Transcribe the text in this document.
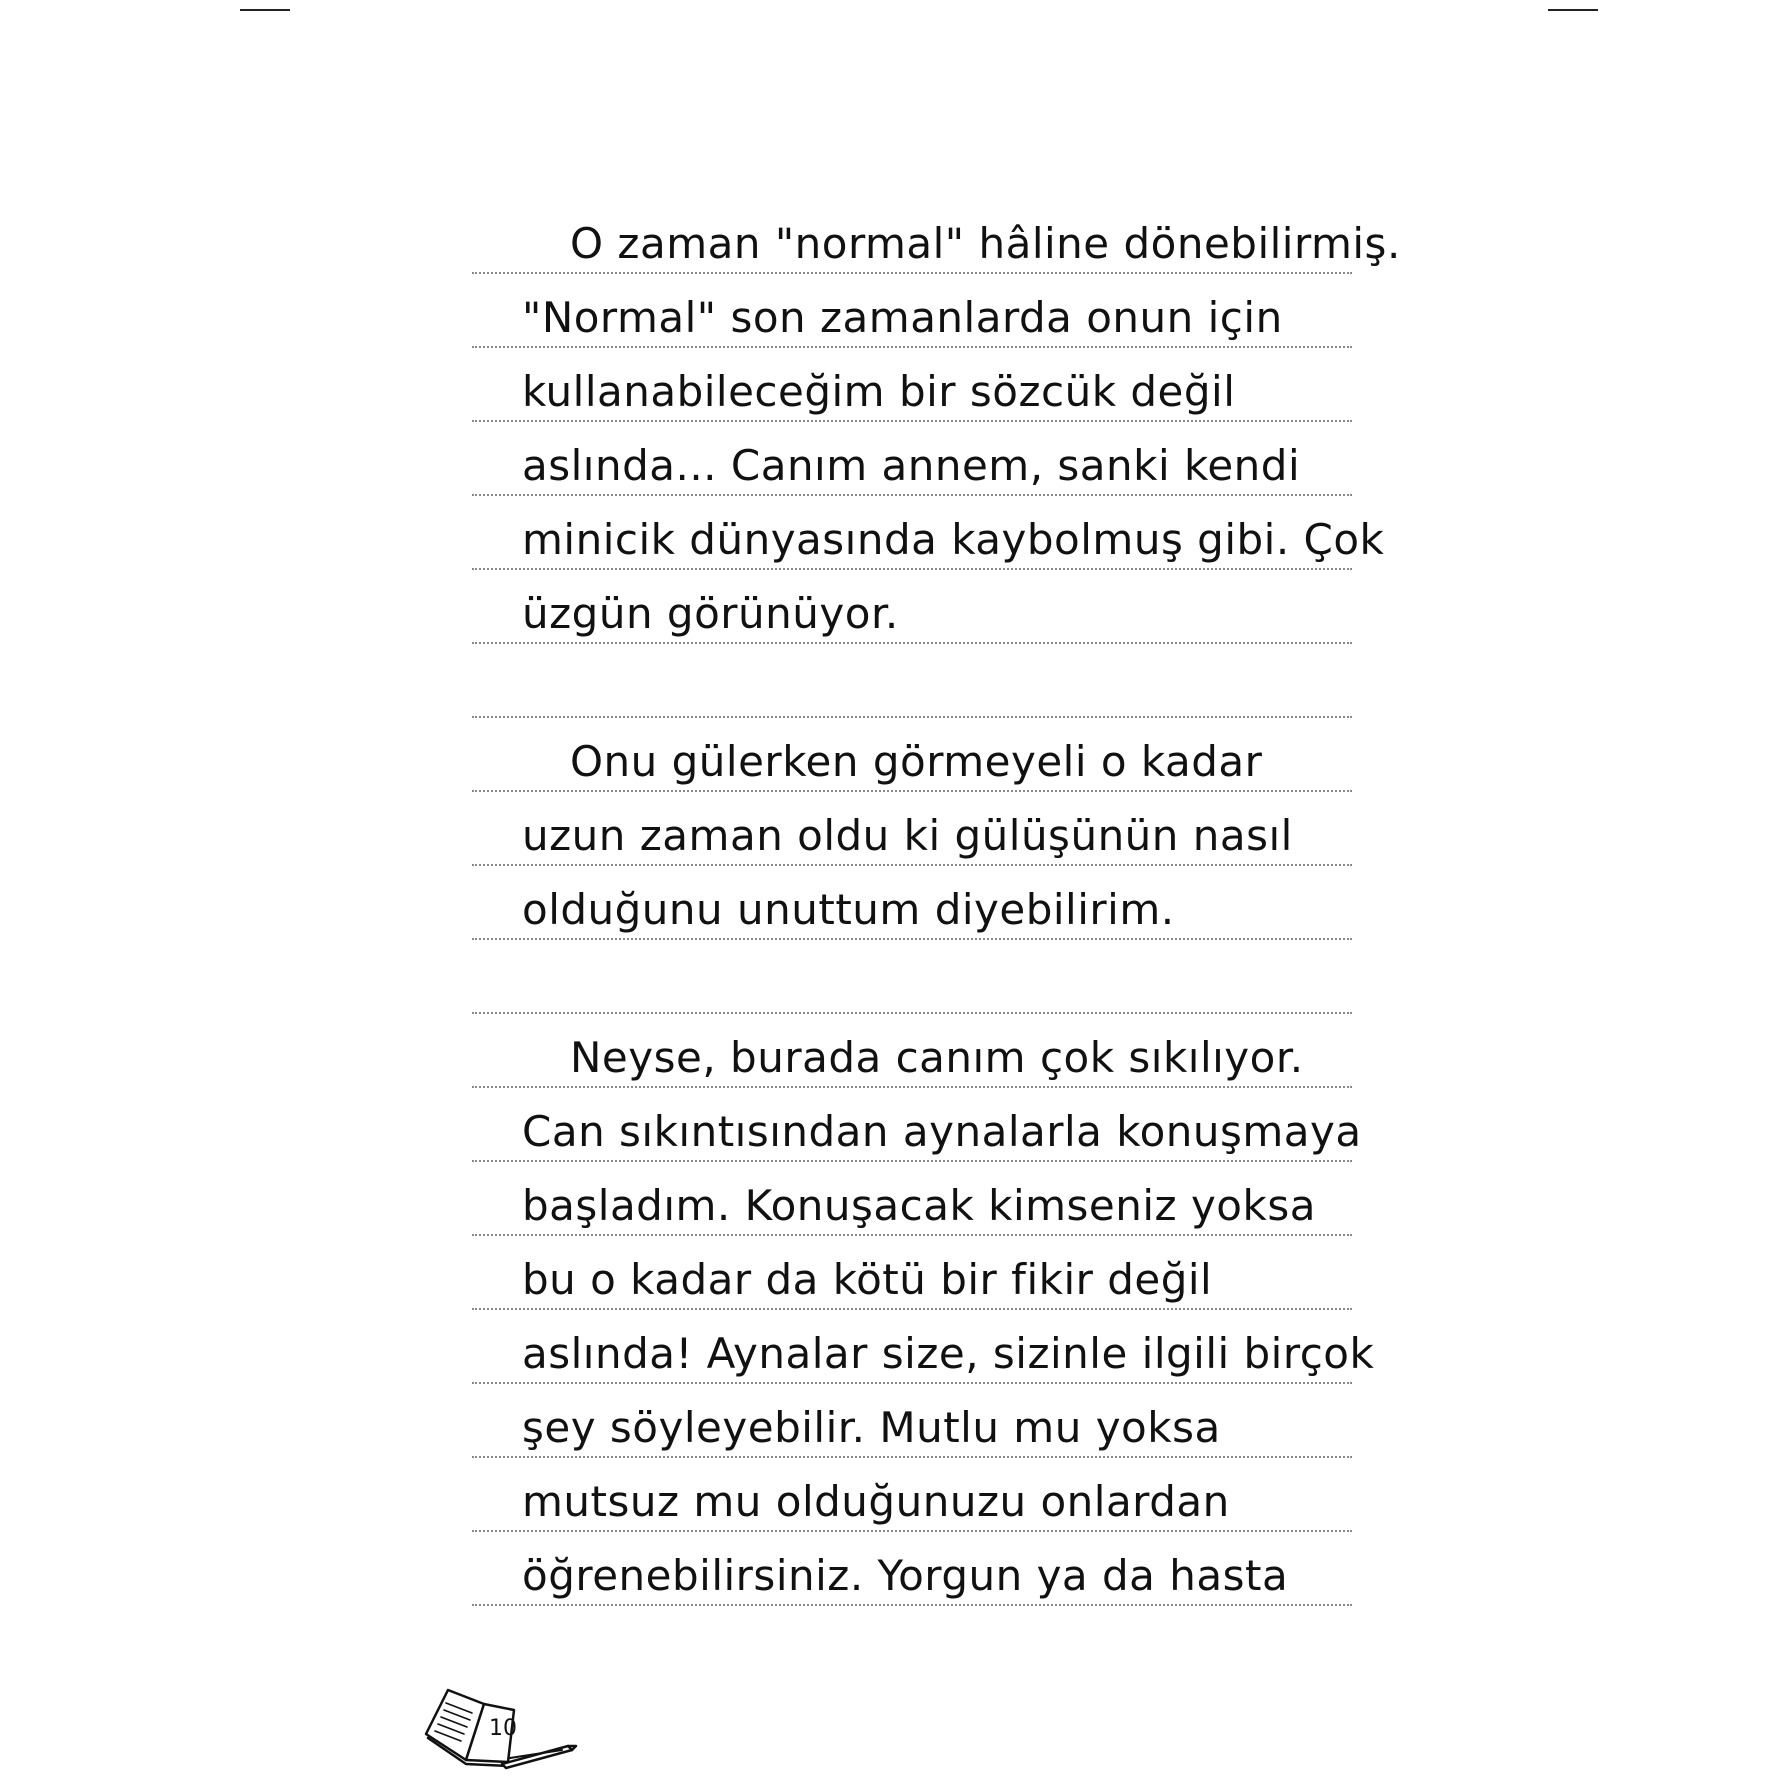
O zaman "normal" hâline dönebilirmiş.
"Normal" son zamanlarda onun için
kullanabileceğim bir sözcük değil
aslında... Canım annem, sanki kendi
minicik dünyasında kaybolmuş gibi. Çok
üzgün görünüyor.
Onu gülerken görmeyeli o kadar
uzun zaman oldu ki gülüşünün nasıl
olduğunu unuttum diyebilirim.
Neyse, burada canım çok sıkılıyor.
Can sıkıntısından aynalarla konuşmaya
başladım. Konuşacak kimseniz yoksa
bu o kadar da kötü bir fikir değil
aslında! Aynalar size, sizinle ilgili birçok
şey söyleyebilir. Mutlu mu yoksa
mutsuz mu olduğunuzu onlardan
öğrenebilirsiniz. Yorgun ya da hasta
10
